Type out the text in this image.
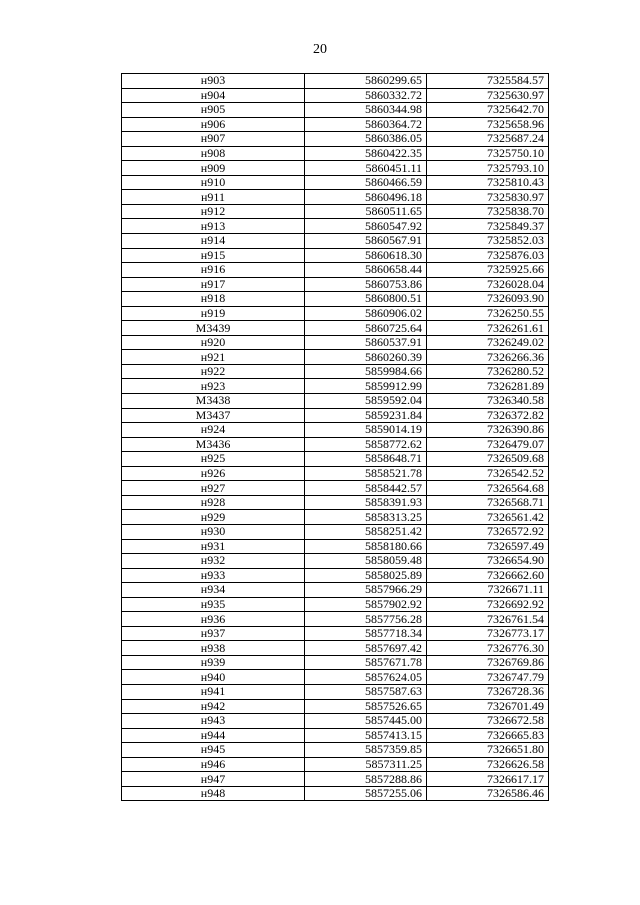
20
н903	5860299.65	7325584.57
н904	5860332.72	7325630.97
н905	5860344.98	7325642.70
н906	5860364.72	7325658.96
н907	5860386.05	7325687.24
н908	5860422.35	7325750.10
н909	5860451.11	7325793.10
н910	5860466.59	7325810.43
н911	5860496.18	7325830.97
н912	5860511.65	7325838.70
н913	5860547.92	7325849.37
н914	5860567.91	7325852.03
н915	5860618.30	7325876.03
н916	5860658.44	7325925.66
н917	5860753.86	7326028.04
н918	5860800.51	7326093.90
н919	5860906.02	7326250.55
М3439	5860725.64	7326261.61
н920	5860537.91	7326249.02
н921	5860260.39	7326266.36
н922	5859984.66	7326280.52
н923	5859912.99	7326281.89
М3438	5859592.04	7326340.58
М3437	5859231.84	7326372.82
н924	5859014.19	7326390.86
М3436	5858772.62	7326479.07
н925	5858648.71	7326509.68
н926	5858521.78	7326542.52
н927	5858442.57	7326564.68
н928	5858391.93	7326568.71
н929	5858313.25	7326561.42
н930	5858251.42	7326572.92
н931	5858180.66	7326597.49
н932	5858059.48	7326654.90
н933	5858025.89	7326662.60
н934	5857966.29	7326671.11
н935	5857902.92	7326692.92
н936	5857756.28	7326761.54
н937	5857718.34	7326773.17
н938	5857697.42	7326776.30
н939	5857671.78	7326769.86
н940	5857624.05	7326747.79
н941	5857587.63	7326728.36
н942	5857526.65	7326701.49
н943	5857445.00	7326672.58
н944	5857413.15	7326665.83
н945	5857359.85	7326651.80
н946	5857311.25	7326626.58
н947	5857288.86	7326617.17
н948	5857255.06	7326586.46
